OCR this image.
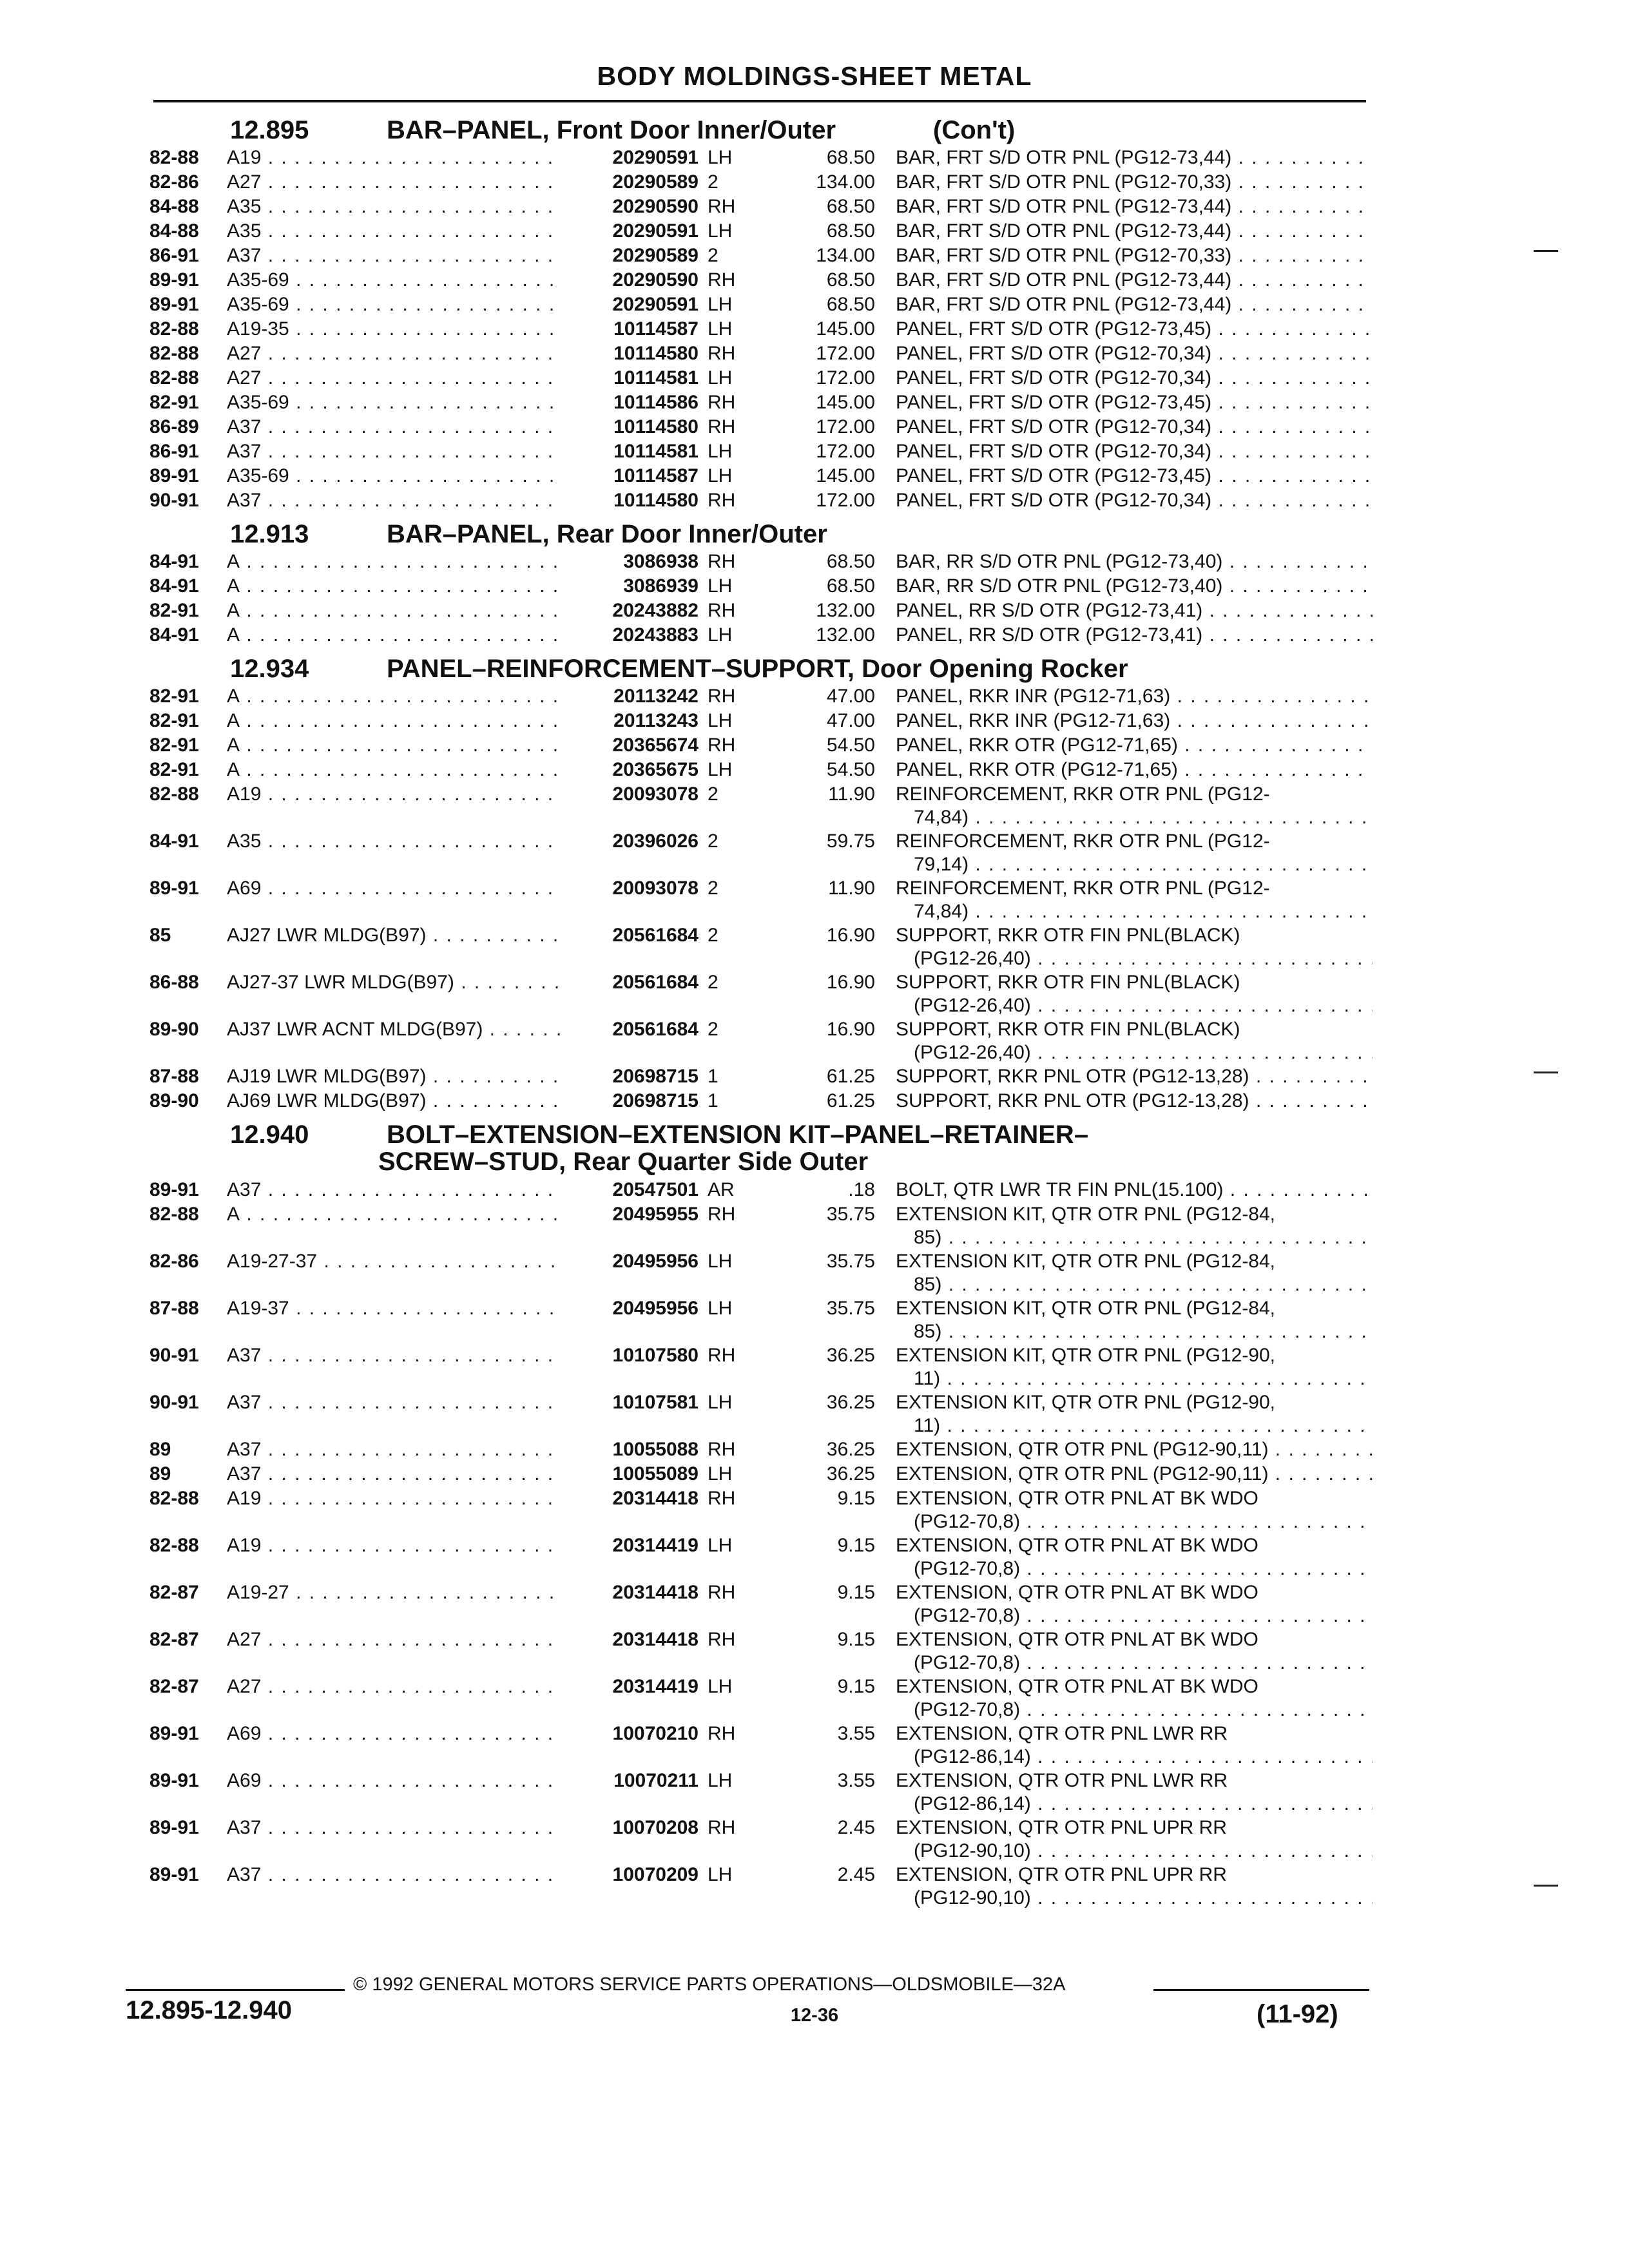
BODY MOLDINGS-SHEET METAL
12.895	BAR–PANEL, Front Door Inner/Outer	(Con't)
82-88 A19 . . .	20290591 LH	68.50 BAR, FRT S/D OTR PNL (PG12-73,44) . . .
82-86 A27 . . .	20290589 2	134.00 BAR, FRT S/D OTR PNL (PG12-70,33) . . .
84-88 A35 . . .	20290590 RH	68.50 BAR, FRT S/D OTR PNL (PG12-73,44) . . .
84-88 A35 . . .	20290591 LH	68.50 BAR, FRT S/D OTR PNL (PG12-73,44) . . .
86-91 A37 . . .	20290589 2	134.00 BAR, FRT S/D OTR PNL (PG12-70,33) . . .
89-91 A35-69 . . .	20290590 RH	68.50 BAR, FRT S/D OTR PNL (PG12-73,44) . . .
89-91 A35-69 . . .	20290591 LH	68.50 BAR, FRT S/D OTR PNL (PG12-73,44) . . .
82-88 A19-35 . . .	10114587 LH	145.00 PANEL, FRT S/D OTR (PG12-73,45) . . .
82-88 A27 . . .	10114580 RH	172.00 PANEL, FRT S/D OTR (PG12-70,34) . . .
82-88 A27 . . .	10114581 LH	172.00 PANEL, FRT S/D OTR (PG12-70,34) . . .
82-91 A35-69 . . .	10114586 RH	145.00 PANEL, FRT S/D OTR (PG12-73,45) . . .
86-89 A37 . . .	10114580 RH	172.00 PANEL, FRT S/D OTR (PG12-70,34) . . .
86-91 A37 . . .	10114581 LH	172.00 PANEL, FRT S/D OTR (PG12-70,34) . . .
89-91 A35-69 . . .	10114587 LH	145.00 PANEL, FRT S/D OTR (PG12-73,45) . . .
90-91 A37 . . .	10114580 RH	172.00 PANEL, FRT S/D OTR (PG12-70,34) . . .
12.913	BAR–PANEL, Rear Door Inner/Outer
84-91 A . . .	3086938 RH	68.50 BAR, RR S/D OTR PNL (PG12-73,40) . . .
84-91 A . . .	3086939 LH	68.50 BAR, RR S/D OTR PNL (PG12-73,40) . . .
82-91 A . . .	20243882 RH	132.00 PANEL, RR S/D OTR (PG12-73,41) . . .
84-91 A . . .	20243883 LH	132.00 PANEL, RR S/D OTR (PG12-73,41) . . .
12.934	PANEL–REINFORCEMENT–SUPPORT, Door Opening Rocker
82-91 A . . .	20113242 RH	47.00 PANEL, RKR INR (PG12-71,63) . . .
82-91 A . . .	20113243 LH	47.00 PANEL, RKR INR (PG12-71,63) . . .
82-91 A . . .	20365674 RH	54.50 PANEL, RKR OTR (PG12-71,65) . . .
82-91 A . . .	20365675 LH	54.50 PANEL, RKR OTR (PG12-71,65) . . .
82-88 A19 . . .	20093078 2	11.90 REINFORCEMENT, RKR OTR PNL (PG12-
74,84) . . .
84-91 A35 . . .	20396026 2	59.75 REINFORCEMENT, RKR OTR PNL (PG12-
79,14) . . .
89-91 A69 . . .	20093078 2	11.90 REINFORCEMENT, RKR OTR PNL (PG12-
74,84) . . .
85	AJ27 LWR MLDG(B97) . . .	20561684 2	16.90 SUPPORT, RKR OTR FIN PNL(BLACK)
(PG12-26,40) . . .
86-88 AJ27-37 LWR MLDG(B97) . . .	20561684 2	16.90 SUPPORT, RKR OTR FIN PNL(BLACK)
(PG12-26,40) . . .
89-90 AJ37 LWR ACNT MLDG(B97) . . .	20561684 2	16.90 SUPPORT, RKR OTR FIN PNL(BLACK)
(PG12-26,40) . . .
87-88 AJ19 LWR MLDG(B97) . . .	20698715 1	61.25 SUPPORT, RKR PNL OTR (PG12-13,28) . . .
89-90 AJ69 LWR MLDG(B97) . . .	20698715 1	61.25 SUPPORT, RKR PNL OTR (PG12-13,28) . . .
12.940	BOLT–EXTENSION–EXTENSION KIT–PANEL–RETAINER–
SCREW–STUD, Rear Quarter Side Outer
89-91 A37 . . .	20547501 AR	.18 BOLT, QTR LWR TR FIN PNL(15.100) . . .
82-88 A . . .	20495955 RH	35.75 EXTENSION KIT, QTR OTR PNL (PG12-84,
85) . . .
82-86 A19-27-37 . . .	20495956 LH	35.75 EXTENSION KIT, QTR OTR PNL (PG12-84,
85) . . .
87-88 A19-37 . . .	20495956 LH	35.75 EXTENSION KIT, QTR OTR PNL (PG12-84,
85) . . .
90-91 A37 . . .	10107580 RH	36.25 EXTENSION KIT, QTR OTR PNL (PG12-90,
11) . . .
90-91 A37 . . .	10107581 LH	36.25 EXTENSION KIT, QTR OTR PNL (PG12-90,
11) . . .
89	A37 . . .	10055088 RH	36.25 EXTENSION, QTR OTR PNL (PG12-90,11) . . .
89	A37 . . .	10055089 LH	36.25 EXTENSION, QTR OTR PNL (PG12-90,11) . . .
82-88 A19 . . .	20314418 RH	9.15 EXTENSION, QTR OTR PNL AT BK WDO
(PG12-70,8) . . .
82-88 A19 . . .	20314419 LH	9.15 EXTENSION, QTR OTR PNL AT BK WDO
(PG12-70,8) . . .
82-87 A19-27 . . .	20314418 RH	9.15 EXTENSION, QTR OTR PNL AT BK WDO
(PG12-70,8) . . .
82-87 A27 . . .	20314418 RH	9.15 EXTENSION, QTR OTR PNL AT BK WDO
(PG12-70,8) . . .
82-87 A27 . . .	20314419 LH	9.15 EXTENSION, QTR OTR PNL AT BK WDO
(PG12-70,8) . . .
89-91 A69 . . .	10070210 RH	3.55 EXTENSION, QTR OTR PNL LWR RR
(PG12-86,14) . . .
89-91 A69 . . .	10070211 LH	3.55 EXTENSION, QTR OTR PNL LWR RR
(PG12-86,14) . . .
89-91 A37 . . .	10070208 RH	2.45 EXTENSION, QTR OTR PNL UPR RR
(PG12-90,10) . . .
89-91 A37 . . .	10070209 LH	2.45 EXTENSION, QTR OTR PNL UPR RR
(PG12-90,10) . . .
© 1992 GENERAL MOTORS SERVICE PARTS OPERATIONS—OLDSMOBILE—32A
12.895-12.940	12-36	(11-92)
